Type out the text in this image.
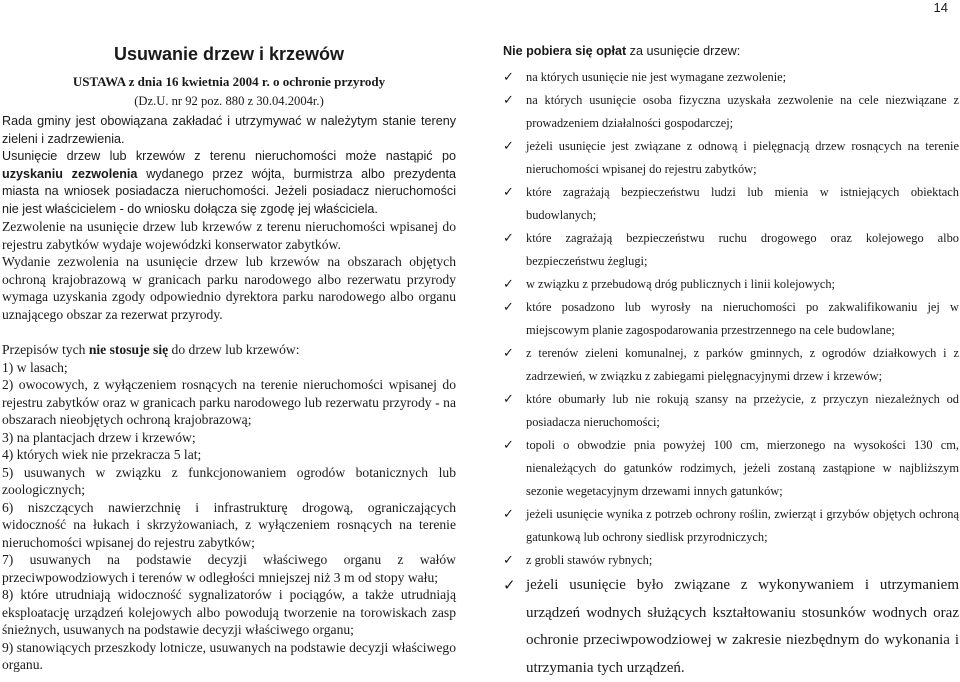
14
Usuwanie drzew i krzewów
USTAWA z dnia 16 kwietnia 2004 r. o ochronie przyrody
(Dz.U. nr 92 poz. 880 z 30.04.2004r.)

Rada gminy jest obowiązana zakładać i utrzymywać w należytym stanie tereny zieleni i zadrzewienia.

Usunięcie drzew lub krzewów z terenu nieruchomości może nastąpić po uzyskaniu zezwolenia wydanego przez wójta, burmistrza albo prezydenta miasta na wniosek posiadacza nieruchomości. Jeżeli posiadacz nieruchomości nie jest właścicielem - do wniosku dołącza się zgodę jej właściciela.

Zezwolenie na usunięcie drzew lub krzewów z terenu nieruchomości wpisanej do rejestru zabytków wydaje wojewódzki konserwator zabytków.

Wydanie zezwolenia na usunięcie drzew lub krzewów na obszarach objętych ochroną krajobrazową w granicach parku narodowego albo rezerwatu przyrody wymaga uzyskania zgody odpowiednio dyrektora parku narodowego albo organu uznającego obszar za rezerwat przyrody.

Przepisów tych nie stosuje się do drzew lub krzewów:

1) w lasach;

2) owocowych, z wyłączeniem rosnących na terenie nieruchomości wpisanej do rejestru zabytków oraz w granicach parku narodowego lub rezerwatu przyrody - na obszarach nieobjętych ochroną krajobrazową;

3) na plantacjach drzew i krzewów;

4) których wiek nie przekracza 5 lat;

5) usuwanych w związku z funkcjonowaniem ogrodów botanicznych lub zoologicznych;

6) niszczących nawierzchnię i infrastrukturę drogową, ograniczających widoczność na łukach i skrzyżowaniach, z wyłączeniem rosnących na terenie nieruchomości wpisanej do rejestru zabytków;

7) usuwanych na podstawie decyzji właściwego organu z wałów przeciwpowodziowych i terenów w odległości mniejszej niż 3 m od stopy wału;

8) które utrudniają widoczność sygnalizatorów i pociągów, a także utrudniają eksploatację urządzeń kolejowych albo powodują tworzenie na torowiskach zasp śnieżnych, usuwanych na podstawie decyzji właściwego organu;

9) stanowiących przeszkody lotnicze, usuwanych na podstawie decyzji właściwego organu.

Nie pobiera się opłat za usunięcie drzew:

✓ na których usunięcie nie jest wymagane zezwolenie;
✓ na których usunięcie osoba fizyczna uzyskała zezwolenie na cele niezwiązane z prowadzeniem działalności gospodarczej;
✓ jeżeli usunięcie jest związane z odnową i pielęgnacją drzew rosnących na terenie nieruchomości wpisanej do rejestru zabytków;
✓ które zagrażają bezpieczeństwu ludzi lub mienia w istniejących obiektach budowlanych;
✓ które zagrażają bezpieczeństwu ruchu drogowego oraz kolejowego albo bezpieczeństwu żeglugi;
✓ w związku z przebudową dróg publicznych i linii kolejowych;
✓ które posadzono lub wyrosły na nieruchomości po zakwalifikowaniu jej w miejscowym planie zagospodarowania przestrzennego na cele budowlane;
✓ z terenów zieleni komunalnej, z parków gminnych, z ogrodów działkowych i z zadrzewień, w związku z zabiegami pielęgnacyjnymi drzew i krzewów;
✓ które obumarły lub nie rokują szansy na przeżycie, z przyczyn niezależnych od posiadacza nieruchomości;
✓ topoli o obwodzie pnia powyżej 100 cm, mierzonego na wysokości 130 cm, nienależących do gatunków rodzimych, jeżeli zostaną zastąpione w najbliższym sezonie wegetacyjnym drzewami innych gatunków;
✓ jeżeli usunięcie wynika z potrzeb ochrony roślin, zwierząt i grzybów objętych ochroną gatunkową lub ochrony siedlisk przyrodniczych;
✓ z grobli stawów rybnych;
✓ jeżeli usunięcie było związane z wykonywaniem i utrzymaniem urządzeń wodnych służących kształtowaniu stosunków wodnych oraz ochronie przeciwpowodziowej w zakresie niezbędnym do wykonania i utrzymania tych urządzeń.
